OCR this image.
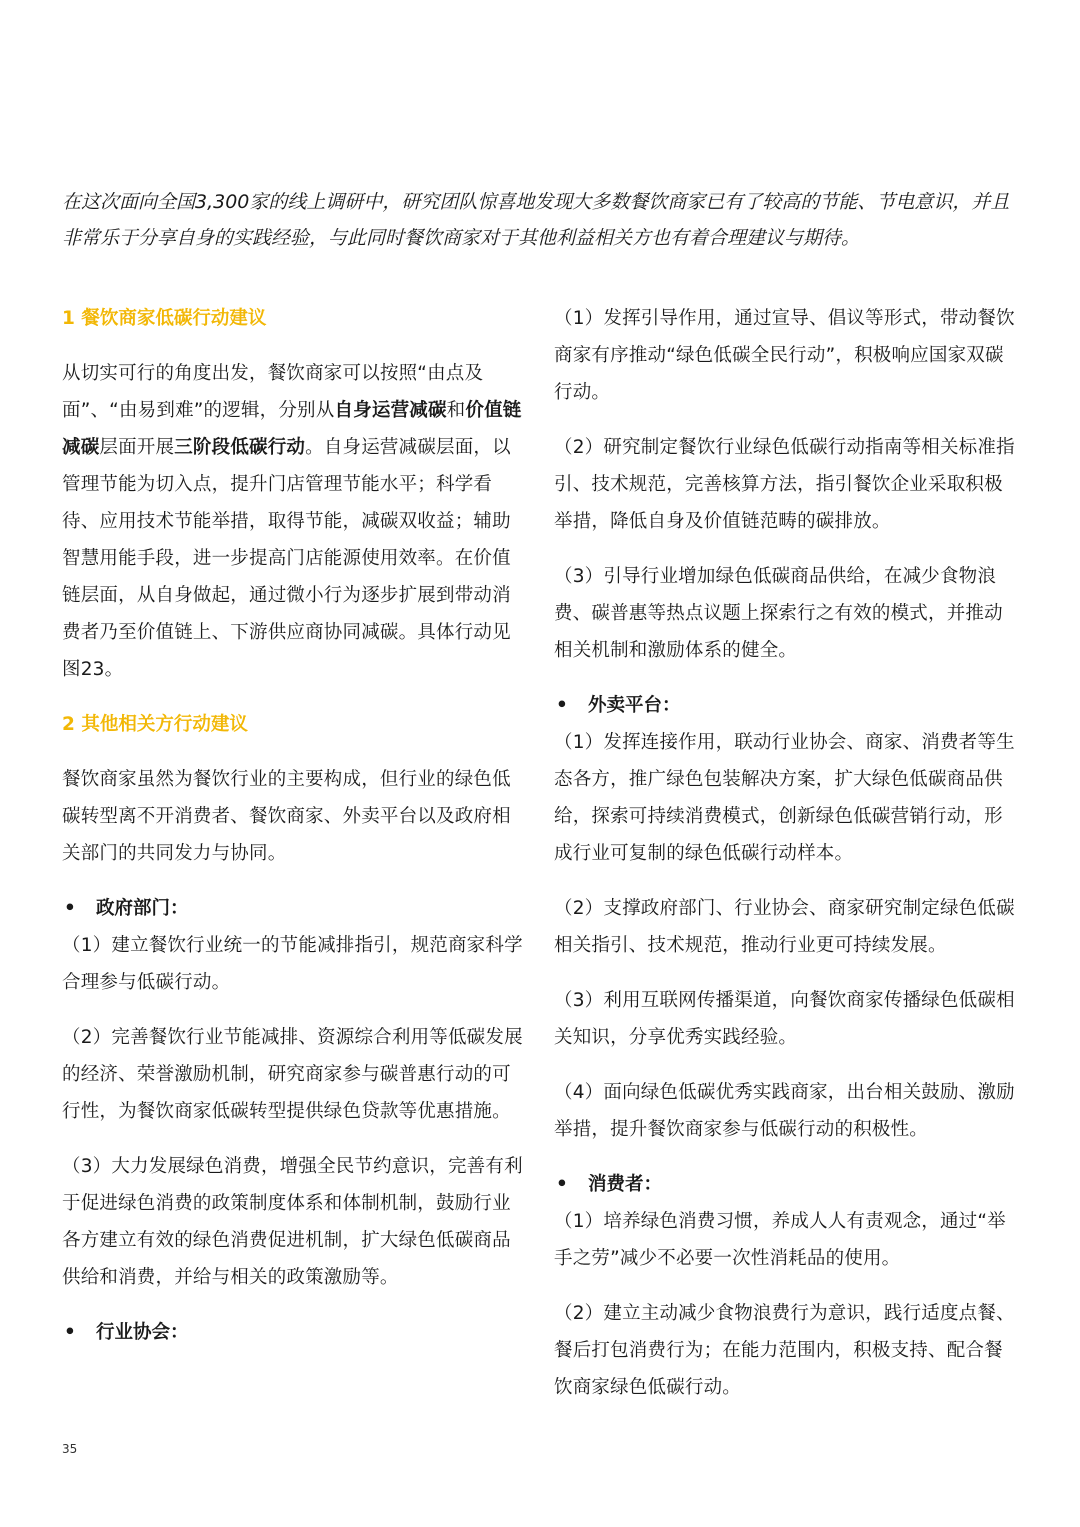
在这次面向全国3,300家的线上调研中，研究团队惊喜地发现大多数餐饮商家已有了较高的节能、节电意识，并且非常乐于分享自身的实践经验，与此同时餐饮商家对于其他利益相关方也有着合理建议与期待。

1 餐饮商家低碳行动建议

从切实可行的角度出发，餐饮商家可以按照“由点及面”、“由易到难”的逻辑，分别从自身运营减碳和价值链减碳层面开展三阶段低碳行动。自身运营减碳层面，以管理节能为切入点，提升门店管理节能水平；科学看待、应用技术节能举措，取得节能，减碳双收益；辅助智慧用能手段，进一步提高门店能源使用效率。在价值链层面，从自身做起，通过微小行为逐步扩展到带动消费者乃至价值链上、下游供应商协同减碳。具体行动见图23。

2 其他相关方行动建议

餐饮商家虽然为餐饮行业的主要构成，但行业的绿色低碳转型离不开消费者、餐饮商家、外卖平台以及政府相关部门的共同发力与协同。

• 政府部门：

（1）建立餐饮行业统一的节能减排指引，规范商家科学合理参与低碳行动。

（2）完善餐饮行业节能减排、资源综合利用等低碳发展的经济、荣誉激励机制，研究商家参与碳普惠行动的可行性，为餐饮商家低碳转型提供绿色贷款等优惠措施。

（3）大力发展绿色消费，增强全民节约意识，完善有利于促进绿色消费的政策制度体系和体制机制，鼓励行业各方建立有效的绿色消费促进机制，扩大绿色低碳商品供给和消费，并给与相关的政策激励等。

• 行业协会：

（1）发挥引导作用，通过宣导、倡议等形式，带动餐饮商家有序推动“绿色低碳全民行动”，积极响应国家双碳行动。

（2）研究制定餐饮行业绿色低碳行动指南等相关标准指引、技术规范，完善核算方法，指引餐饮企业采取积极举措，降低自身及价值链范畴的碳排放。

（3）引导行业增加绿色低碳商品供给，在减少食物浪费、碳普惠等热点议题上探索行之有效的模式，并推动相关机制和激励体系的健全。

• 外卖平台：

（1）发挥连接作用，联动行业协会、商家、消费者等生态各方，推广绿色包装解决方案，扩大绿色低碳商品供给，探索可持续消费模式，创新绿色低碳营销行动，形成行业可复制的绿色低碳行动样本。

（2）支撑政府部门、行业协会、商家研究制定绿色低碳相关指引、技术规范，推动行业更可持续发展。

（3）利用互联网传播渠道，向餐饮商家传播绿色低碳相关知识，分享优秀实践经验。

（4）面向绿色低碳优秀实践商家，出台相关鼓励、激励举措，提升餐饮商家参与低碳行动的积极性。

• 消费者：

（1）培养绿色消费习惯，养成人人有责观念，通过“举手之劳”减少不必要一次性消耗品的使用。

（2）建立主动减少食物浪费行为意识，践行适度点餐、餐后打包消费行为；在能力范围内，积极支持、配合餐饮商家绿色低碳行动。

35
